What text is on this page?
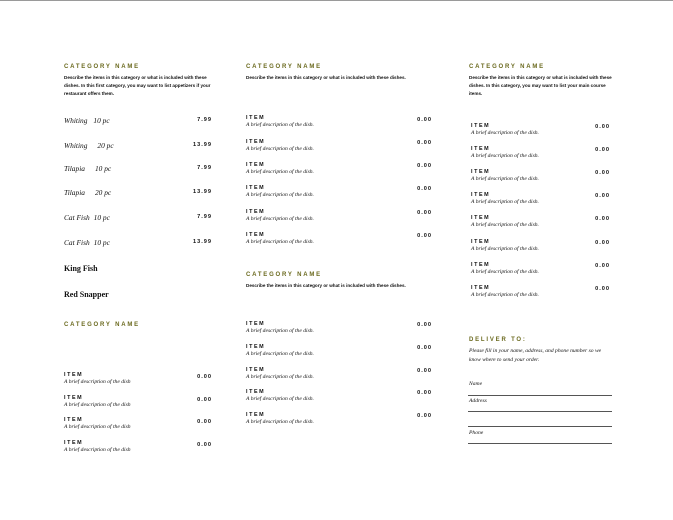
CATEGORY NAME
Describe the items in this category or what is included with these dishes. In this first category, you may want to list appetizers if your restaurant offers them.
Whiting 10 pc	7.99
Whiting 20 pc	13.99
Tilapia 10 pc	7.99
Tilapia 20 pc	13.99
Cat Fish 10 pc	7.99
Cat Fish 10 pc	13.99
King Fish
Red Snapper
CATEGORY NAME
ITEM
A brief description of the dish
0.00
ITEM
A brief description of the dish
0.00
ITEM
A brief description of the dish
0.00
ITEM
A brief description of the dish
0.00
CATEGORY NAME
Describe the items in this category or what is included with these dishes.
ITEM
A brief description of the dish.
0.00
ITEM
A brief description of the dish.
0.00
ITEM
A brief description of the dish.
0.00
ITEM
A brief description of the dish.
0.00
ITEM
A brief description of the dish.
0.00
ITEM
A brief description of the dish.
0.00
CATEGORY NAME
Describe the items in this category or what is included with these dishes.
ITEM
A brief description of the dish.
0.00
ITEM
A brief description of the dish.
0.00
ITEM
A brief description of the dish.
0.00
ITEM
A brief description of the dish.
0.00
ITEM
A brief description of the dish.
0.00
CATEGORY NAME
Describe the items in this category or what is included with these dishes. In this category, you may want to list your main course items.
ITEM
A brief description of the dish.
0.00
ITEM
A brief description of the dish.
0.00
ITEM
A brief description of the dish.
0.00
ITEM
A brief description of the dish.
0.00
ITEM
A brief description of the dish.
0.00
ITEM
A brief description of the dish.
0.00
ITEM
A brief description of the dish.
0.00
ITEM
A brief description of the dish.
0.00
DELIVER TO:
Please fill in your name, address, and phone number so we know where to send your order.
Name
Address
Phone
